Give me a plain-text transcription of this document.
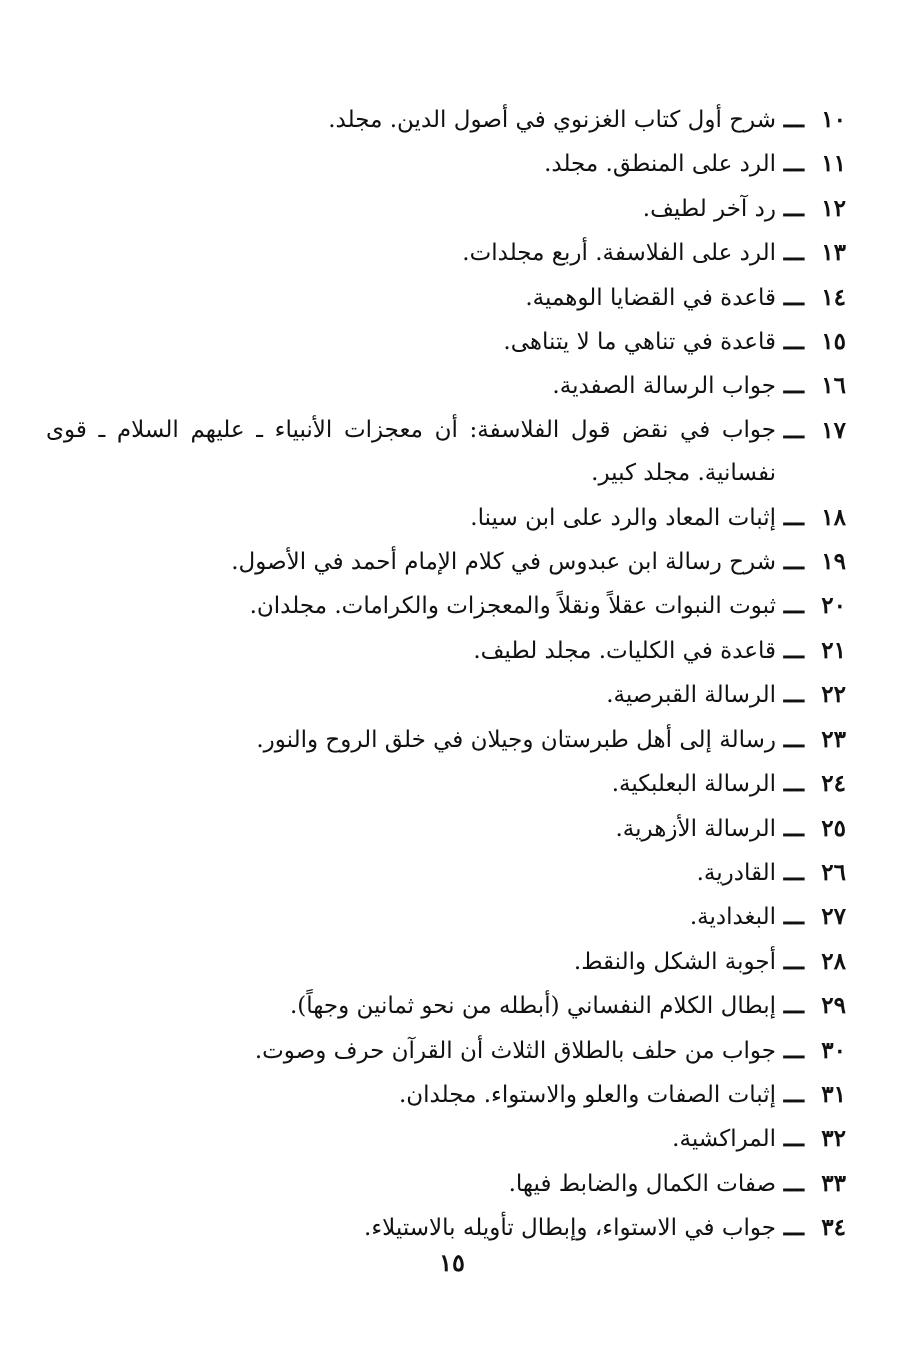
١٠
ـــ
شرح أول كتاب الغزنوي في أصول الدين. مجلد.
١١
ـــ
الرد على المنطق. مجلد.
١٢
ـــ
رد آخر لطيف.
١٣
ـــ
الرد على الفلاسفة. أربع مجلدات.
١٤
ـــ
قاعدة في القضايا الوهمية.
١٥
ـــ
قاعدة في تناهي ما لا يتناهى.
١٦
ـــ
جواب الرسالة الصفدية.
١٧
ـــ
جواب في نقض قول الفلاسفة: أن معجزات الأنبياء ـ عليهم السلام ـ قوى نفسانية. مجلد كبير.
١٨
ـــ
إثبات المعاد والرد على ابن سينا.
١٩
ـــ
شرح رسالة ابن عبدوس في كلام الإمام أحمد في الأصول.
٢٠
ـــ
ثبوت النبوات عقلاً ونقلاً والمعجزات والكرامات. مجلدان.
٢١
ـــ
قاعدة في الكليات. مجلد لطيف.
٢٢
ـــ
الرسالة القبرصية.
٢٣
ـــ
رسالة إلى أهل طبرستان وجيلان في خلق الروح والنور.
٢٤
ـــ
الرسالة البعلبكية.
٢٥
ـــ
الرسالة الأزهرية.
٢٦
ـــ
القادرية.
٢٧
ـــ
البغدادية.
٢٨
ـــ
أجوبة الشكل والنقط.
٢٩
ـــ
إبطال الكلام النفساني (أبطله من نحو ثمانين وجهاً).
٣٠
ـــ
جواب من حلف بالطلاق الثلاث أن القرآن حرف وصوت.
٣١
ـــ
إثبات الصفات والعلو والاستواء. مجلدان.
٣٢
ـــ
المراكشية.
٣٣
ـــ
صفات الكمال والضابط فيها.
٣٤
ـــ
جواب في الاستواء، وإبطال تأويله بالاستيلاء.
١٥
